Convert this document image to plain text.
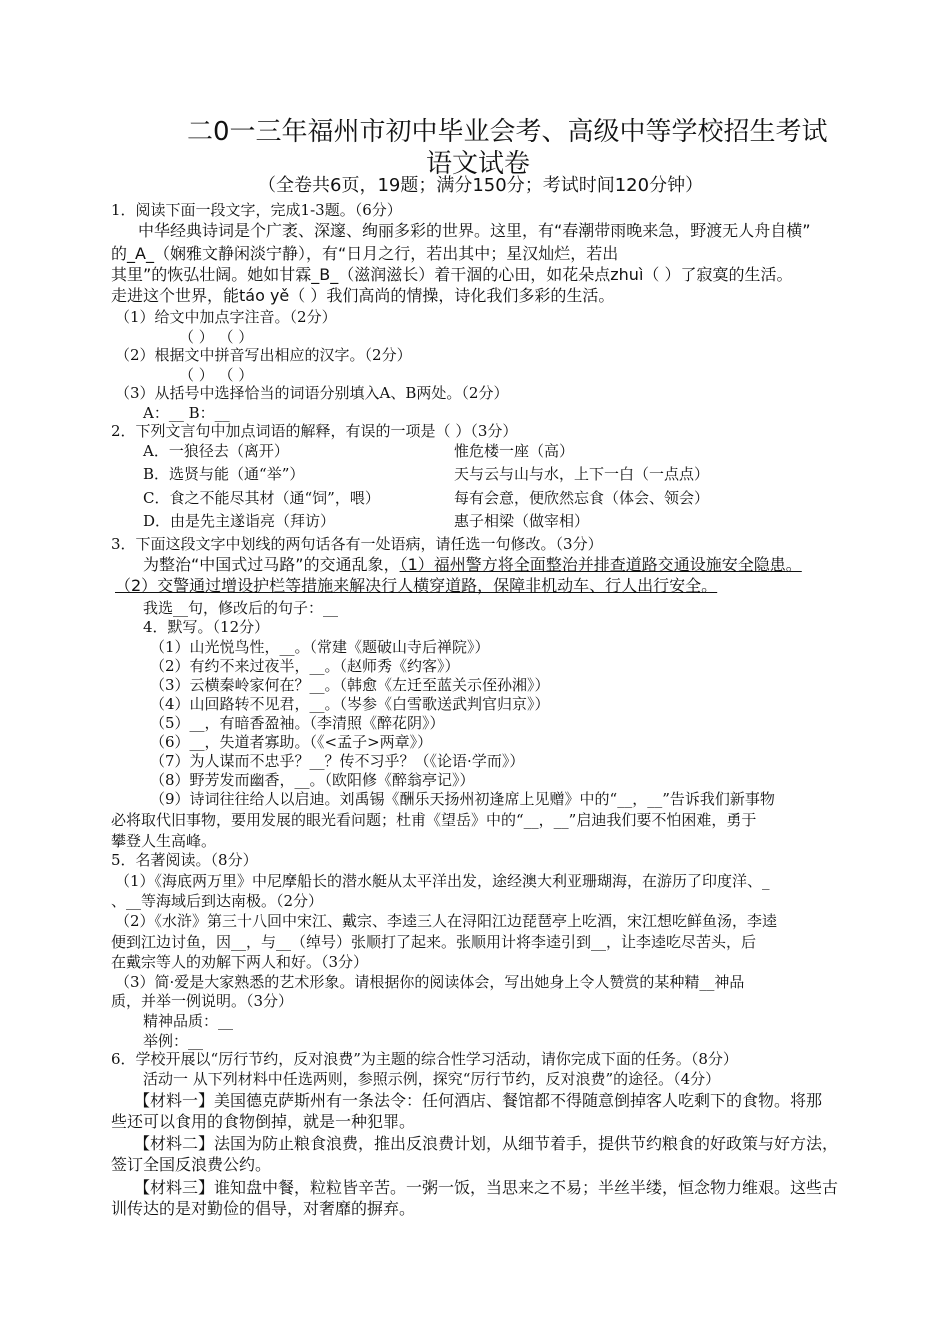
二0一三年福州市初中毕业会考、高级中等学校招生考试
语文试卷
（全卷共6页，19题；满分150分；考试时间120分钟）
1．阅读下面一段文字，完成1-3题。（6分）
中华经典诗词是个广袤、深邃、绚丽多彩的世界。这里，有“春潮带雨晚来急，野渡无人舟自横”
的_A_（娴雅文静闲淡宁静），有“日月之行，若出其中；星汉灿烂，若出
其里”的恢弘壮阔。她如甘霖_B_（滋润滋长）着干涸的心田，如花朵点zhuì（ ）了寂寞的生活。
走进这个世界，能táo yě（ ）我们高尚的情操，诗化我们多彩的生活。
（1）给文中加点字注音。（2分）
（ ） （ ）
（2）根据文中拼音写出相应的汉字。（2分）
（ ） （ ）
（3）从括号中选择恰当的词语分别填入A、B两处。（2分）
A：__ B：__
2．下列文言句中加点词语的解释，有误的一项是（ ）（3分）
A．一狼径去（离开）	惟危楼一座（高）
B．选贤与能（通“举”）	天与云与山与水，上下一白（一点点）
C．食之不能尽其材（通“饲”，喂）	每有会意，便欣然忘食（体会、领会）
D．由是先主遂诣亮（拜访）	惠子相梁（做宰相）
3．下面这段文字中划线的两句话各有一处语病，请任选一句修改。（3分）
为整治“中国式过马路”的交通乱象，（1）福州警方将全面整治并排查道路交通设施安全隐患。
（2）交警通过增设护栏等措施来解决行人横穿道路，保障非机动车、行人出行安全。
我选__句，修改后的句子：__
4．默写。（12分）
（1）山光悦鸟性，__。（常建《题破山寺后禅院》）
（2）有约不来过夜半，__。（赵师秀《约客》）
（3）云横秦岭家何在？__。（韩愈《左迁至蓝关示侄孙湘》）
（4）山回路转不见君，__。（岑参《白雪歌送武判官归京》）
（5）__，有暗香盈袖。（李清照《醉花阴》）
（6）__，失道者寡助。（《<孟子>两章》）
（7）为人谋而不忠乎？__？传不习乎？（《论语·学而》）
（8）野芳发而幽香，__。（欧阳修《醉翁亭记》）
（9）诗词往往给人以启迪。刘禹锡《酬乐天扬州初逢席上见赠》中的“__，__”告诉我们新事物
必将取代旧事物，要用发展的眼光看问题；杜甫《望岳》中的“__，__”启迪我们要不怕困难，勇于
攀登人生高峰。
5．名著阅读。（8分）
（1）《海底两万里》中尼摩船长的潜水艇从太平洋出发，途经澳大利亚珊瑚海，在游历了印度洋、_
、__等海域后到达南极。（2分）
（2）《水浒》第三十八回中宋江、戴宗、李逵三人在浔阳江边琵琶亭上吃酒，宋江想吃鲜鱼汤，李逵
便到江边讨鱼，因__，与__（绰号）张顺打了起来。张顺用计将李逵引到__，让李逵吃尽苦头，后
在戴宗等人的劝解下两人和好。（3分）
（3）简·爱是大家熟悉的艺术形象。请根据你的阅读体会，写出她身上令人赞赏的某种精__神品
质，并举一例说明。（3分）
精神品质：__
举例：__
6．学校开展以“厉行节约，反对浪费”为主题的综合性学习活动，请你完成下面的任务。（8分）
活动一 从下列材料中任选两则，参照示例，探究“厉行节约，反对浪费”的途径。（4分）
【材料一】美国德克萨斯州有一条法令：任何酒店、餐馆都不得随意倒掉客人吃剩下的食物。将那
些还可以食用的食物倒掉，就是一种犯罪。
【材料二】法国为防止粮食浪费，推出反浪费计划，从细节着手，提供节约粮食的好政策与好方法，
签订全国反浪费公约。
【材料三】谁知盘中餐，粒粒皆辛苦。一粥一饭，当思来之不易；半丝半缕，恒念物力维艰。这些古
训传达的是对勤俭的倡导，对奢靡的摒弃。
